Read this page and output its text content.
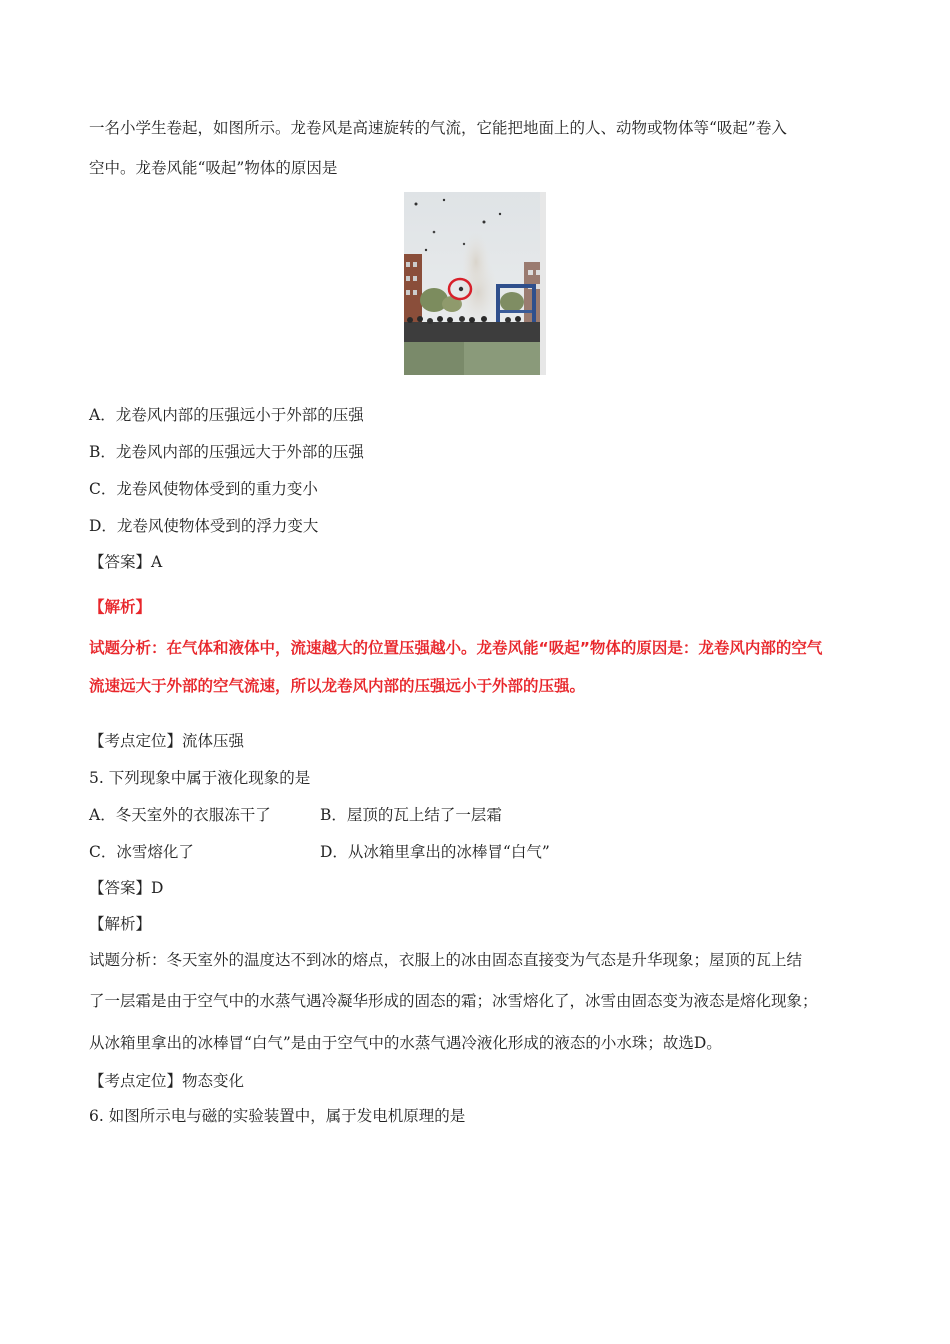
一名小学生卷起，如图所示。龙卷风是高速旋转的气流，它能把地面上的人、动物或物体等“吸起”卷入
空中。龙卷风能“吸起”物体的原因是
A．龙卷风内部的压强远小于外部的压强
B．龙卷风内部的压强远大于外部的压强
C．龙卷风使物体受到的重力变小
D．龙卷风使物体受到的浮力变大
【答案】A
【解析】
试题分析：在气体和液体中，流速越大的位置压强越小。龙卷风能“吸起”物体的原因是：龙卷风内部的空气
流速远大于外部的空气流速，所以龙卷风内部的压强远小于外部的压强。
【考点定位】流体压强
5. 下列现象中属于液化现象的是
A．冬天室外的衣服冻干了	B．屋顶的瓦上结了一层霜
C．冰雪熔化了	D．从冰箱里拿出的冰棒冒“白气”
【答案】D
【解析】
试题分析：冬天室外的温度达不到冰的熔点，衣服上的冰由固态直接变为气态是升华现象；屋顶的瓦上结
了一层霜是由于空气中的水蒸气遇冷凝华形成的固态的霜；冰雪熔化了，冰雪由固态变为液态是熔化现象；
从冰箱里拿出的冰棒冒“白气”是由于空气中的水蒸气遇冷液化形成的液态的小水珠；故选D。
【考点定位】物态变化
6. 如图所示电与磁的实验装置中，属于发电机原理的是
